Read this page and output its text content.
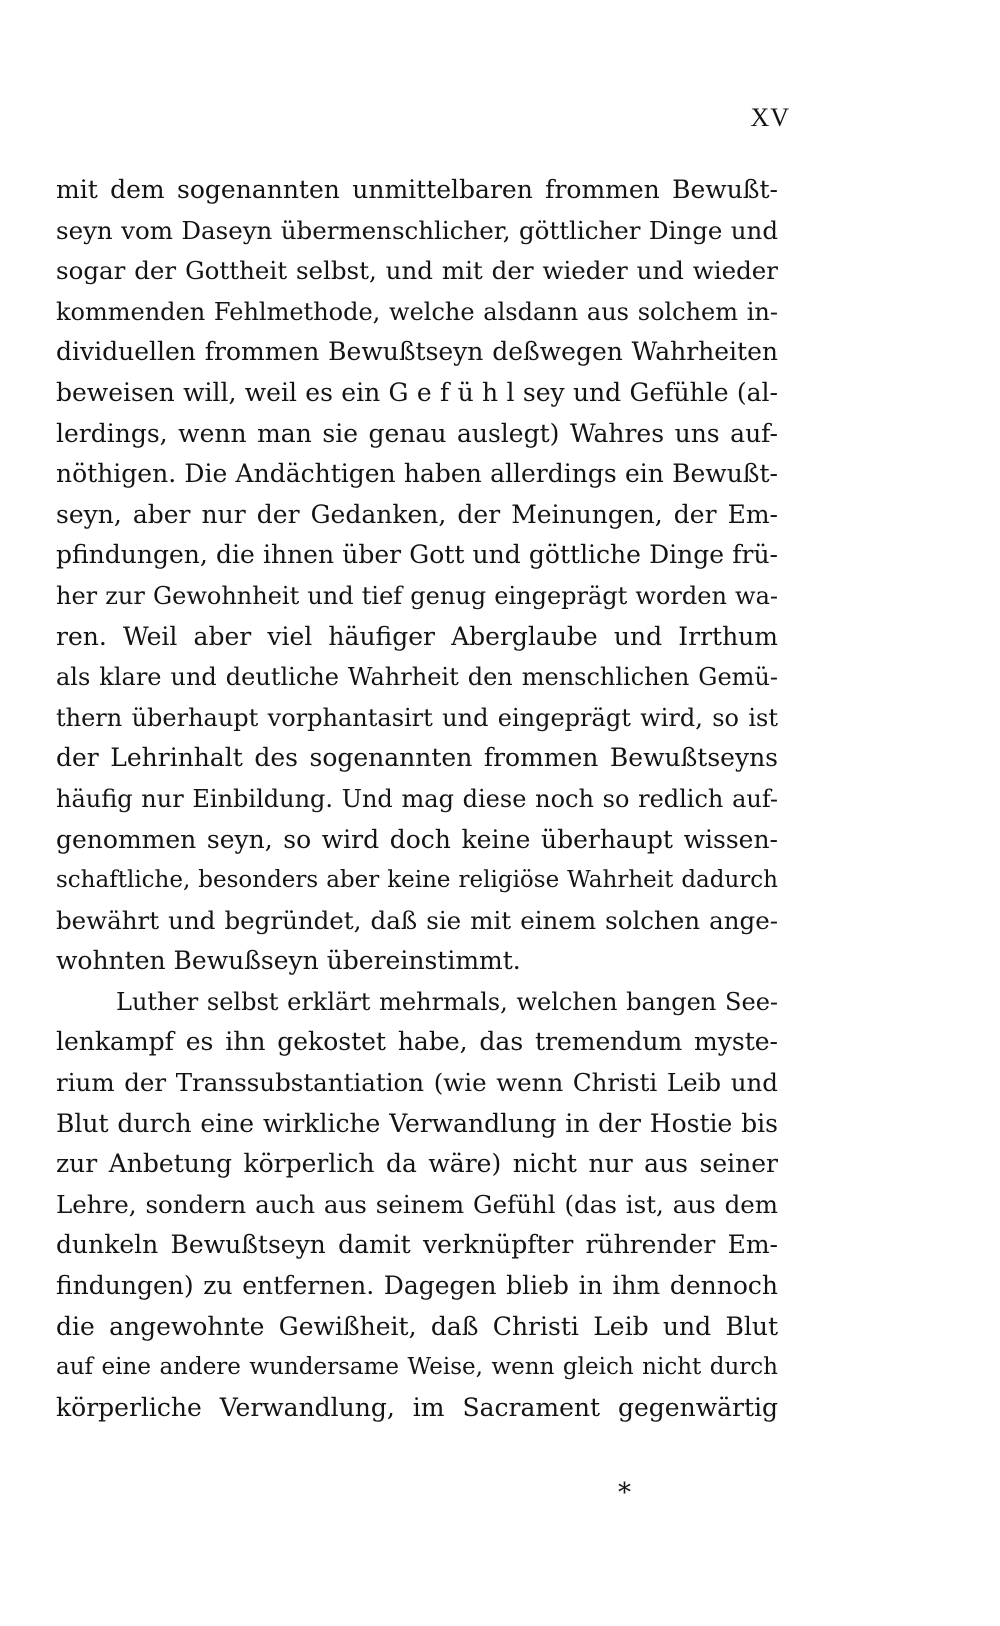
XV
mit dem sogenannten unmittelbaren frommen Bewußt-
seyn vom Daseyn übermenschlicher, göttlicher Dinge und
sogar der Gottheit selbst, und mit der wieder und wieder
kommenden Fehlmethode, welche alsdann aus solchem in-
dividuellen frommen Bewußtseyn deßwegen Wahrheiten
beweisen will, weil es ein G e f ü h l sey und Gefühle (al-
lerdings, wenn man sie genau auslegt) Wahres uns auf-
nöthigen. Die Andächtigen haben allerdings ein Bewußt-
seyn, aber nur der Gedanken, der Meinungen, der Em-
pfindungen, die ihnen über Gott und göttliche Dinge frü-
her zur Gewohnheit und tief genug eingeprägt worden wa-
ren. Weil aber viel häufiger Aberglaube und Irrthum
als klare und deutliche Wahrheit den menschlichen Gemü-
thern überhaupt vorphantasirt und eingeprägt wird, so ist
der Lehrinhalt des sogenannten frommen Bewußtseyns
häufig nur Einbildung. Und mag diese noch so redlich auf-
genommen seyn, so wird doch keine überhaupt wissen-
schaftliche, besonders aber keine religiöse Wahrheit dadurch
bewährt und begründet, daß sie mit einem solchen ange-
wohnten Bewußseyn übereinstimmt.
Luther selbst erklärt mehrmals, welchen bangen See-
lenkampf es ihn gekostet habe, das tremendum myste-
rium der Transsubstantiation (wie wenn Christi Leib und
Blut durch eine wirkliche Verwandlung in der Hostie bis
zur Anbetung körperlich da wäre) nicht nur aus seiner
Lehre, sondern auch aus seinem Gefühl (das ist, aus dem
dunkeln Bewußtseyn damit verknüpfter rührender Em-
findungen) zu entfernen. Dagegen blieb in ihm dennoch
die angewohnte Gewißheit, daß Christi Leib und Blut
auf eine andere wundersame Weise, wenn gleich nicht durch
körperliche Verwandlung, im Sacrament gegenwärtig
*
